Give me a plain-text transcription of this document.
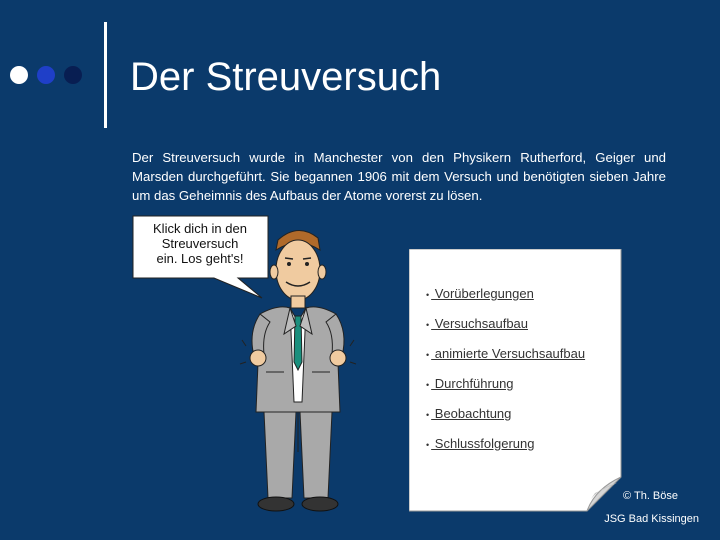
Der Streuversuch
Der Streuversuch wurde in Manchester von den Physikern Rutherford, Geiger und Marsden durchgeführt. Sie begannen 1906 mit dem Versuch und benötigten sieben Jahre um das Geheimnis des Aufbaus der Atome vorerst zu lösen.
Klick dich in den
Streuversuch
ein. Los geht's!
• Vorüberlegungen
• Versuchsaufbau
• animierte Versuchsaufbau
• Durchführung
• Beobachtung
• Schlussfolgerung
© Th. Böse
JSG Bad Kissingen
